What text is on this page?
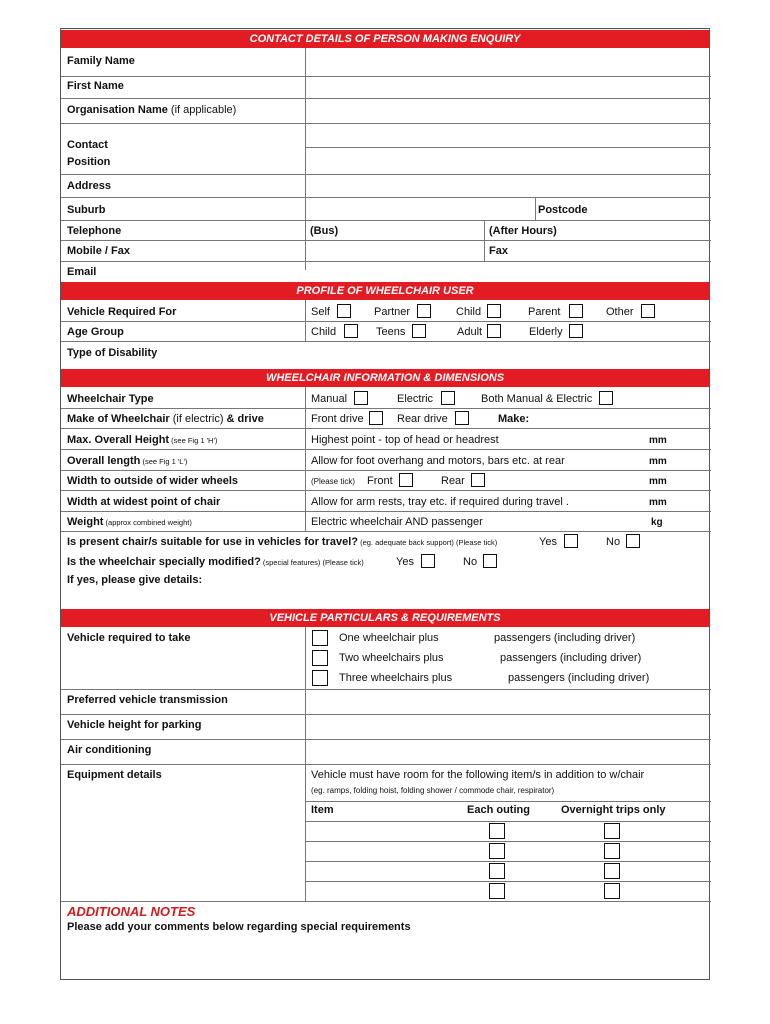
CONTACT DETAILS OF PERSON MAKING ENQUIRY
Family Name
First Name
Organisation Name (if applicable)
Contact
Position
Address
Suburb	Postcode
Telephone	(Bus)	(After Hours)
Mobile / Fax	Fax
Email
PROFILE OF WHEELCHAIR USER
Vehicle Required For	Self	Partner	Child	Parent	Other
Age Group	Child	Teens	Adult	Elderly
Type of Disability
WHEELCHAIR INFORMATION & DIMENSIONS
Wheelchair Type	Manual	Electric	Both Manual & Electric
Make of Wheelchair (if electric) & drive	Front drive	Rear drive	Make:
Max. Overall Height (see Fig 1 'H')	Highest point - top of head or headrest	mm
Overall length (see Fig 1 'L')	Allow for foot overhang and motors, bars etc. at rear	mm
Width to outside of wider wheels	(Please tick) Front	Rear	mm
Width at widest point of chair	Allow for arm rests, tray etc. if required during travel .	mm
Weight (approx combined weight)	Electric wheelchair AND passenger	kg
Is present chair/s suitable for use in vehicles for travel? (eg. adequate back support) (Please tick)	Yes	No
Is the wheelchair specially modified? (special features) (Please tick)	Yes	No
If yes, please give details:
VEHICLE PARTICULARS & REQUIREMENTS
Vehicle required to take	One wheelchair plus	passengers (including driver)
Two wheelchairs plus	passengers (including driver)
Three wheelchairs plus	passengers (including driver)
Preferred vehicle transmission
Vehicle height for parking
Air conditioning
Equipment details	Vehicle must have room for the following item/s in addition to w/chair
(eg. ramps, folding hoist, folding shower / commode chair, respirator)
Item	Each outing	Overnight trips only
ADDITIONAL NOTES
Please add your comments below regarding special requirements
